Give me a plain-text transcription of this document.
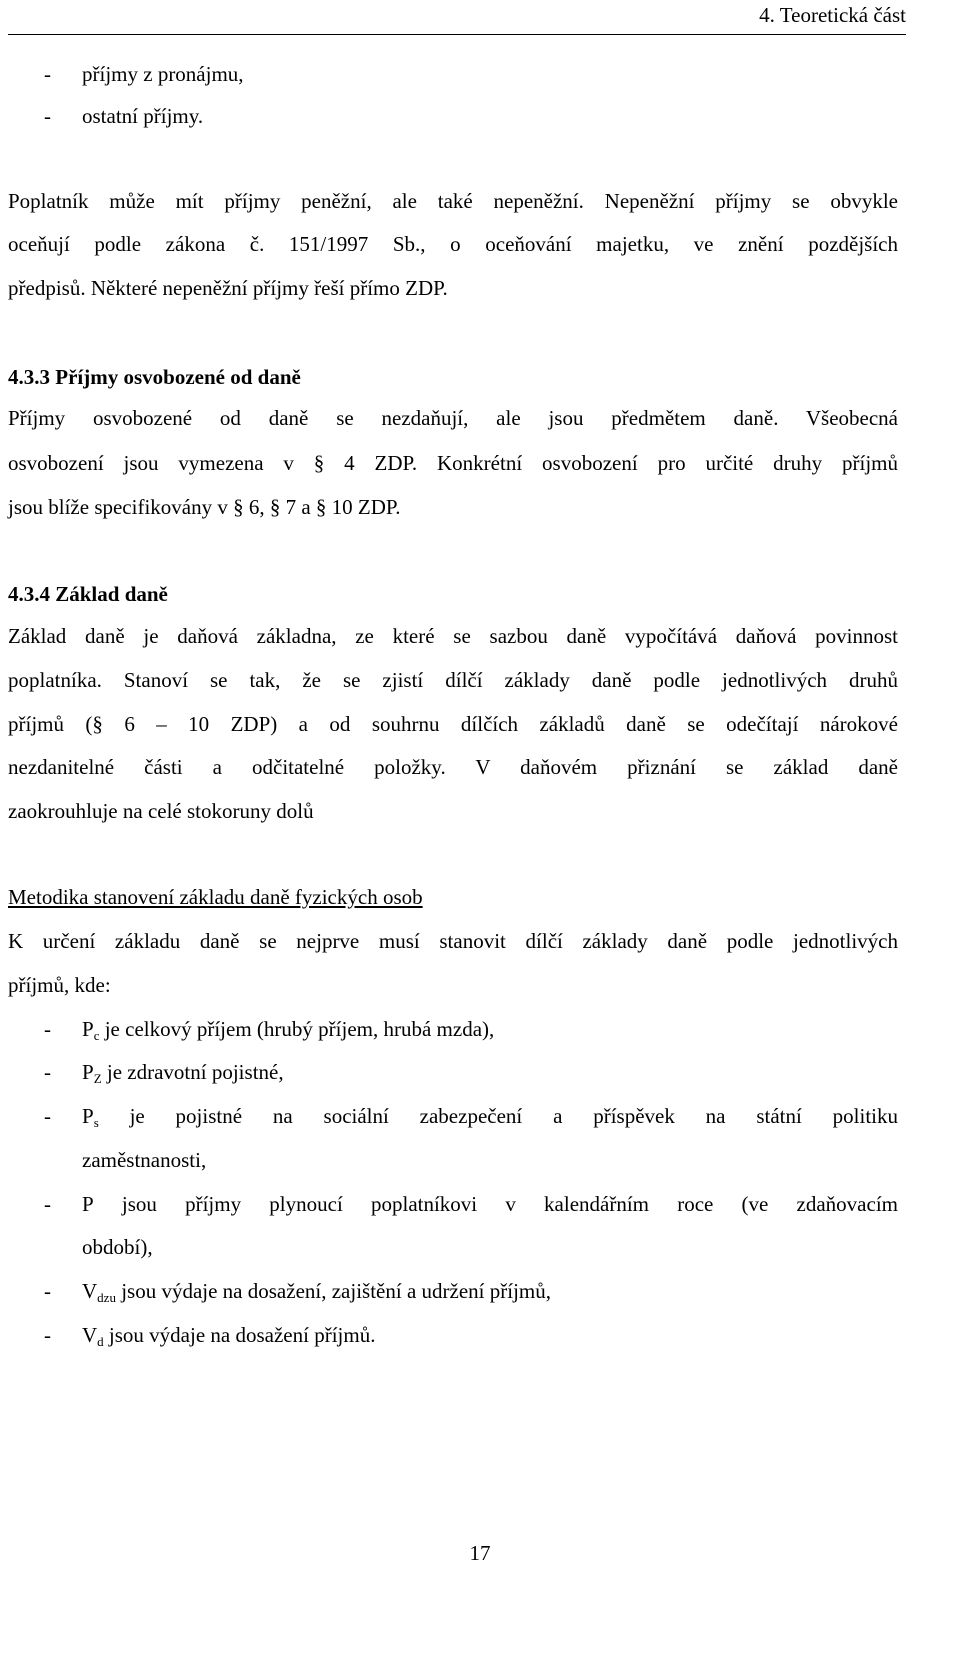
4. Teoretická část
- příjmy z pronájmu,
- ostatní příjmy.
Poplatník může mít příjmy peněžní, ale také nepeněžní. Nepeněžní příjmy se obvykle
oceňují podle zákona č. 151/1997 Sb., o oceňování majetku, ve znění pozdějších
předpisů. Některé nepeněžní příjmy řeší přímo ZDP.
4.3.3 Příjmy osvobozené od daně
Příjmy osvobozené od daně se nezdaňují, ale jsou předmětem daně. Všeobecná
osvobození jsou vymezena v § 4 ZDP. Konkrétní osvobození pro určité druhy příjmů
jsou blíže specifikovány v § 6, § 7 a § 10 ZDP.
4.3.4 Základ daně
Základ daně je daňová základna, ze které se sazbou daně vypočítává daňová povinnost
poplatníka. Stanoví se tak, že se zjistí dílčí základy daně podle jednotlivých druhů
příjmů (§ 6 – 10 ZDP) a od souhrnu dílčích základů daně se odečítají nárokové
nezdanitelné části a odčitatelné položky. V daňovém přiznání se základ daně
zaokrouhluje na celé stokoruny dolů
Metodika stanovení základu daně fyzických osob
K určení základu daně se nejprve musí stanovit dílčí základy daně podle jednotlivých
příjmů, kde:
- $P_c$ je celkový příjem (hrubý příjem, hrubá mzda),
- $P_Z$ je zdravotní pojistné,
- $P_s$ je pojistné na sociální zabezpečení a příspěvek na státní politiku
zaměstnanosti,
- P jsou příjmy plynoucí poplatníkovi v kalendářním roce (ve zdaňovacím
období),
- $V_{dzu}$ jsou výdaje na dosažení, zajištění a udržení příjmů,
- $V_d$ jsou výdaje na dosažení příjmů.
17
